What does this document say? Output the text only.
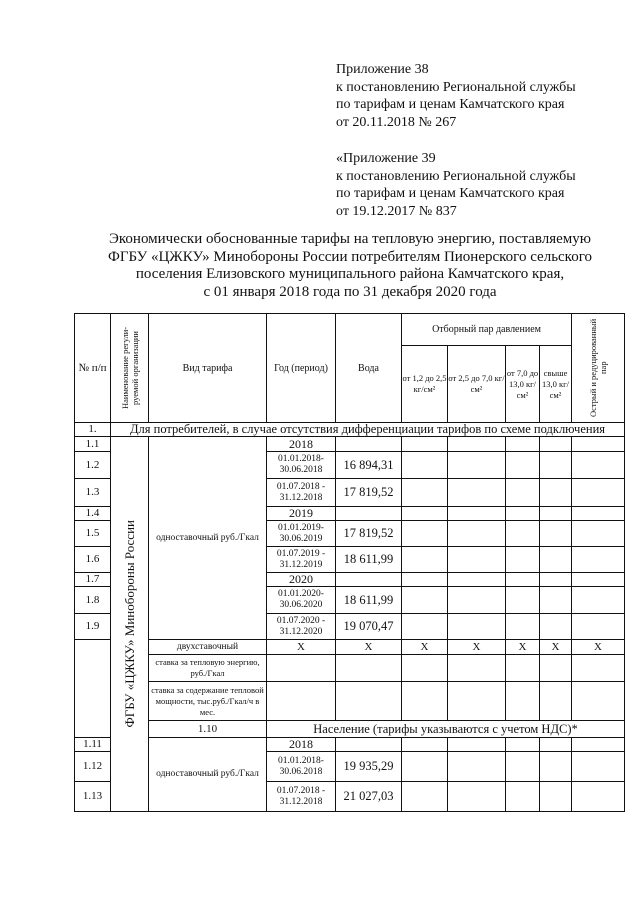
Приложение 38
к постановлению Региональной службы
по тарифам и ценам Камчатского края
от 20.11.2018 № 267
«Приложение 39
к постановлению Региональной службы
по тарифам и ценам Камчатского края
от 19.12.2017 № 837
Экономически обоснованные тарифы на тепловую энергию, поставляемую
ФГБУ «ЦЖКУ» Минобороны России потребителям Пионерского сельского
поселения Елизовского муниципального района Камчатского края,
с 01 января 2018 года по 31 декабря 2020 года
№ п/п	Наименование регули-руемой организации	Вид тарифа	Год (период)	Вода	Отборный пар давлением				Острый и редуцированный пар

					от 1,2 до 2,5 кг/см²	от 2,5 до 7,0 кг/см²	от 7,0 до 13,0 кг/см²	свыше 13,0 кг/см²	
1.	Для потребителей, в случае отсутствия дифференциации тарифов по схеме подключения								
1.1	ФГБУ «ЦЖКУ» Минобороны России	одноставочный руб./Гкал	2018						
1.2			01.01.2018-30.06.2018	16 894,31					
1.3			01.07.2018 - 31.12.2018	17 819,52					
1.4			2019						
1.5			01.01.2019-30.06.2019	17 819,52					
1.6			01.07.2019 - 31.12.2019	18 611,99					
1.7			2020						
1.8			01.01.2020-30.06.2020	18 611,99					
1.9			01.07.2020 - 31.12.2020	19 070,47					
		двухставочный	X	X	X	X	X	X	X
		ставка за тепловую энергию, руб./Гкал							
		ставка за содержание тепловой мощности, тыс.руб./Гкал/ч в мес.							
		1.10	Население (тарифы указываются с учетом НДС)*						
1.11		одноставочный руб./Гкал	2018						
1.12			01.01.2018-30.06.2018	19 935,29					
1.13			01.07.2018 - 31.12.2018	21 027,03					
